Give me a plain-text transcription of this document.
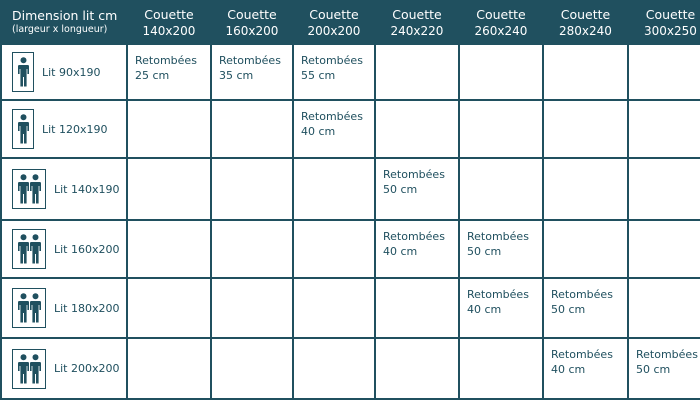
Dimension lit cm
(largeur x longueur)
Couette
140x200
Couette
160x200
Couette
200x200
Couette
240x220
Couette
260x240
Couette
280x240
Couette
300x250
Lit 90x190
Retombées
25 cm
Retombées
35 cm
Retombées
55 cm
Lit 120x190
Retombées
40 cm
Lit 140x190
Retombées
50 cm
Lit 160x200
Retombées
40 cm
Retombées
50 cm
Lit 180x200
Retombées
40 cm
Retombées
50 cm
Lit 200x200
Retombées
40 cm
Retombées
50 cm
